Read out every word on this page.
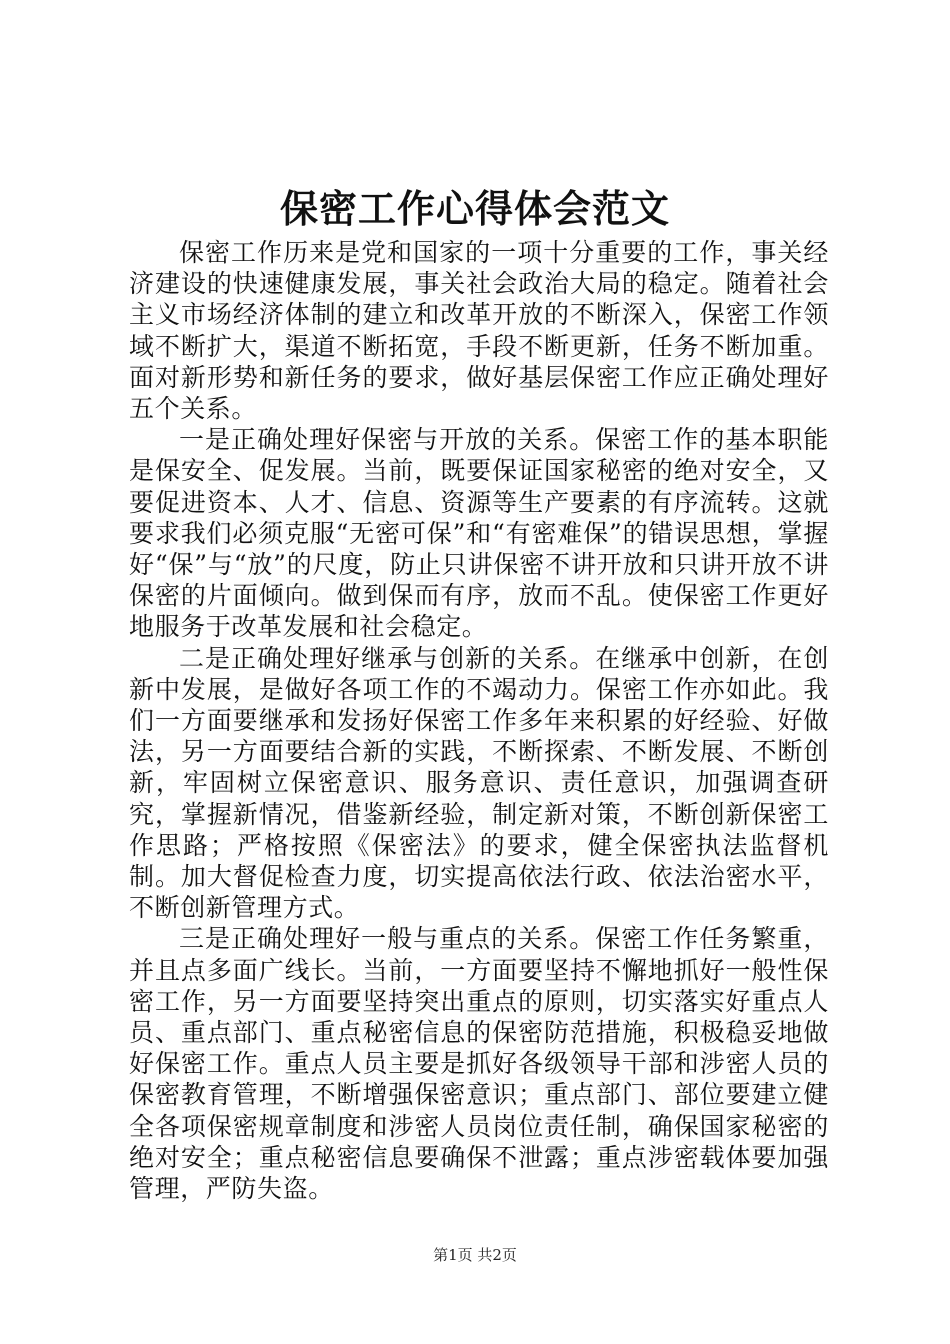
保密工作心得体会范文

保密工作历来是党和国家的一项十分重要的工作，事关经济建设的快速健康发展，事关社会政治大局的稳定。随着社会主义市场经济体制的建立和改革开放的不断深入，保密工作领域不断扩大，渠道不断拓宽，手段不断更新，任务不断加重。面对新形势和新任务的要求，做好基层保密工作应正确处理好五个关系。

一是正确处理好保密与开放的关系。保密工作的基本职能是保安全、促发展。当前，既要保证国家秘密的绝对安全，又要促进资本、人才、信息、资源等生产要素的有序流转。这就要求我们必须克服“无密可保”和“有密难保”的错误思想，掌握好“保”与“放”的尺度，防止只讲保密不讲开放和只讲开放不讲保密的片面倾向。做到保而有序，放而不乱。使保密工作更好地服务于改革发展和社会稳定。

二是正确处理好继承与创新的关系。在继承中创新，在创新中发展，是做好各项工作的不竭动力。保密工作亦如此。我们一方面要继承和发扬好保密工作多年来积累的好经验、好做法，另一方面要结合新的实践，不断探索、不断发展、不断创新，牢固树立保密意识、服务意识、责任意识，加强调查研究，掌握新情况，借鉴新经验，制定新对策，不断创新保密工作思路；严格按照《保密法》的要求，健全保密执法监督机制。加大督促检查力度，切实提高依法行政、依法治密水平，不断创新管理方式。

三是正确处理好一般与重点的关系。保密工作任务繁重，并且点多面广线长。当前，一方面要坚持不懈地抓好一般性保密工作，另一方面要坚持突出重点的原则，切实落实好重点人员、重点部门、重点秘密信息的保密防范措施，积极稳妥地做好保密工作。重点人员主要是抓好各级领导干部和涉密人员的保密教育管理，不断增强保密意识；重点部门、部位要建立健全各项保密规章制度和涉密人员岗位责任制，确保国家秘密的绝对安全；重点秘密信息要确保不泄露；重点涉密载体要加强管理，严防失盗。

第1页 共2页
